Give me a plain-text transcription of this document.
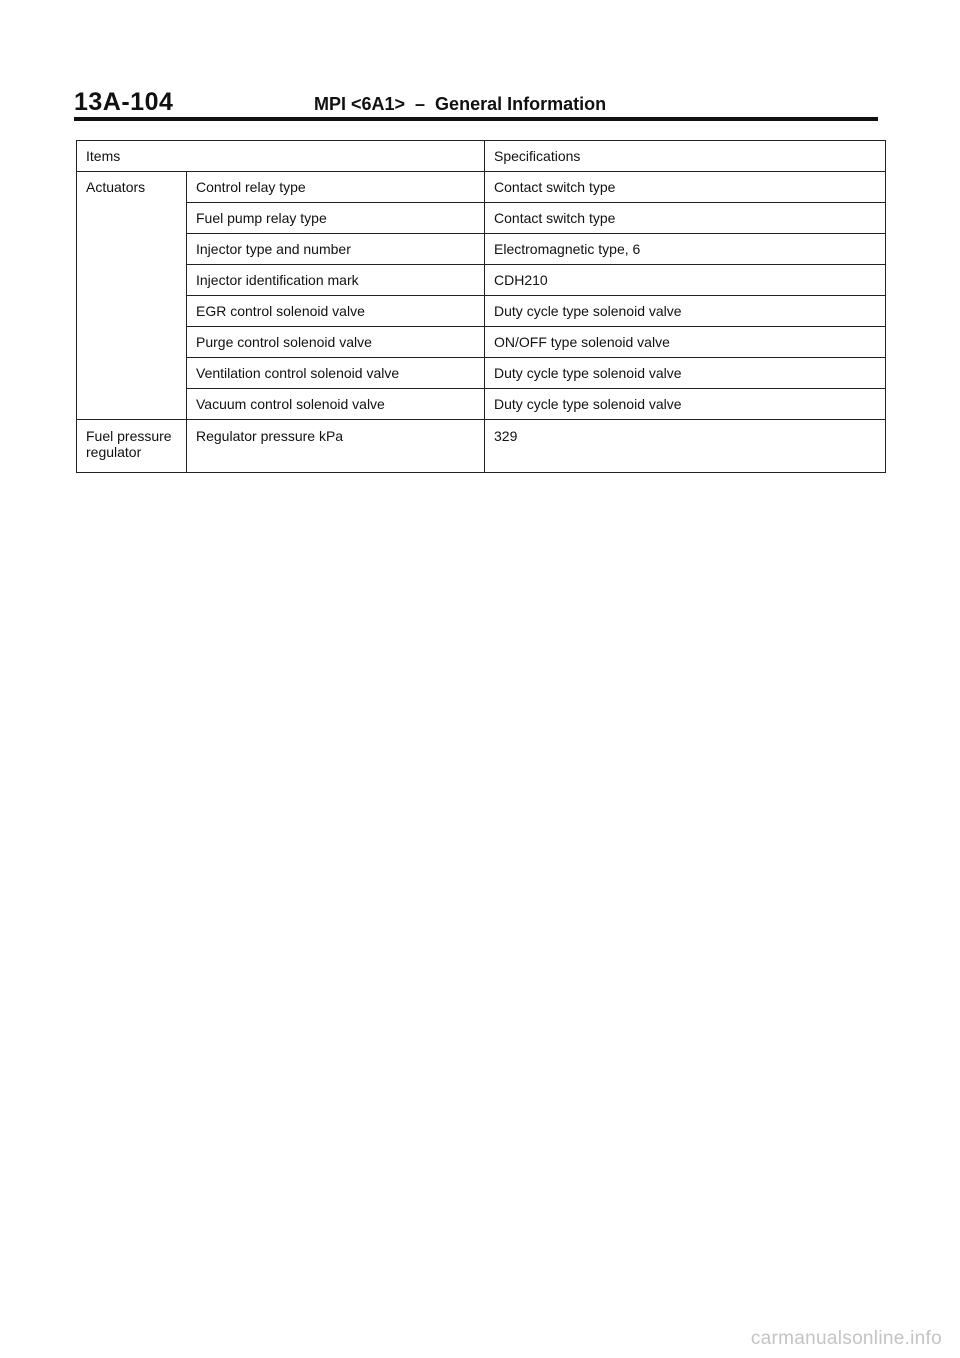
13A-104	MPI <6A1>  –  General Information
Items		Specifications
Actuators	Control relay type	Contact switch type
	Fuel pump relay type	Contact switch type
	Injector type and number	Electromagnetic type, 6
	Injector identification mark	CDH210
	EGR control solenoid valve	Duty cycle type solenoid valve
	Purge control solenoid valve	ON/OFF type solenoid valve
	Ventilation control solenoid valve	Duty cycle type solenoid valve
	Vacuum control solenoid valve	Duty cycle type solenoid valve
Fuel pressure regulator	Regulator pressure kPa	329
carmanualsonline.info
